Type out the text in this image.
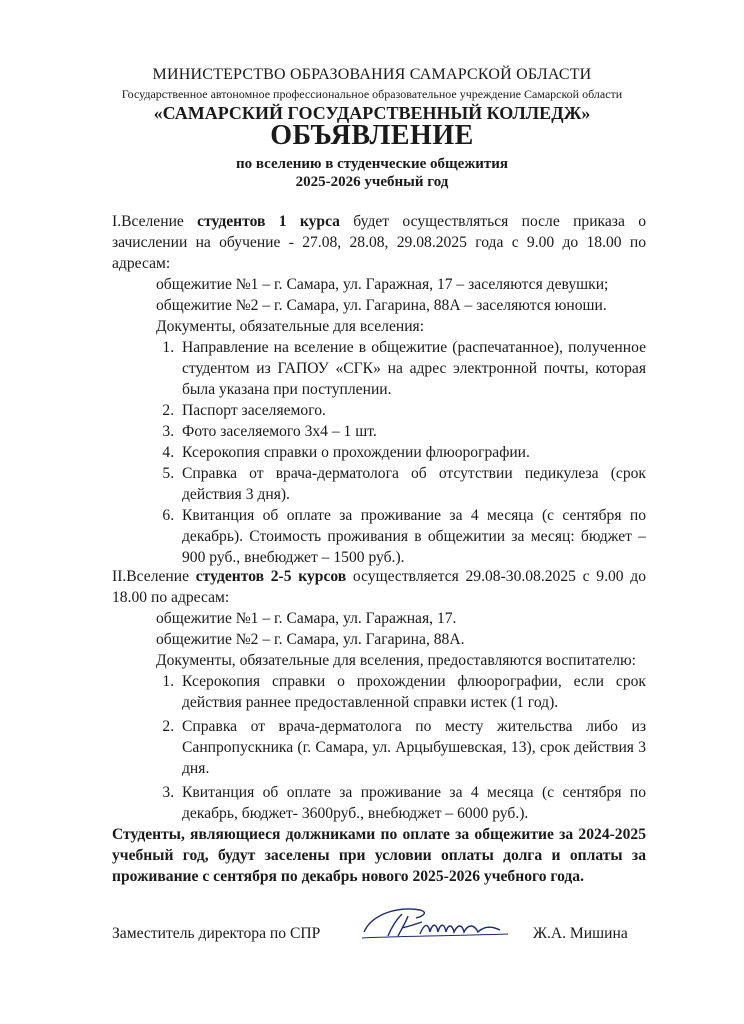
МИНИСТЕРСТВО ОБРАЗОВАНИЯ САМАРСКОЙ ОБЛАСТИ
Государственное автономное профессиональное образовательное учреждение Самарской области
«САМАРСКИЙ ГОСУДАРСТВЕННЫЙ КОЛЛЕДЖ»
ОБЪЯВЛЕНИЕ
по вселению в студенческие общежития
2025-2026 учебный год
I.Вселение студентов 1 курса будет осуществляться после приказа о зачислении на обучение - 27.08, 28.08, 29.08.2025 года с 9.00 до 18.00 по адресам:
общежитие №1 – г. Самара, ул. Гаражная, 17 – заселяются девушки;
общежитие №2 – г. Самара, ул. Гагарина, 88А – заселяются юноши.
Документы, обязательные для вселения:
1. Направление на вселение в общежитие (распечатанное), полученное студентом из ГАПОУ «СГК» на адрес электронной почты, которая была указана при поступлении.
2. Паспорт заселяемого.
3. Фото заселяемого 3х4 – 1 шт.
4. Ксерокопия справки о прохождении флюорографии.
5. Справка от врача-дерматолога об отсутствии педикулеза (срок действия 3 дня).
6. Квитанция об оплате за проживание за 4 месяца (с сентября по декабрь). Стоимость проживания в общежитии за месяц: бюджет – 900 руб., внебюджет – 1500 руб.).
II.Вселение студентов 2-5 курсов осуществляется 29.08-30.08.2025 с 9.00 до 18.00 по адресам:
общежитие №1 – г. Самара, ул. Гаражная, 17.
общежитие №2 – г. Самара, ул. Гагарина, 88А.
Документы, обязательные для вселения, предоставляются воспитателю:
1. Ксерокопия справки о прохождении флюорографии, если срок действия раннее предоставленной справки истек (1 год).
2. Справка от врача-дерматолога по месту жительства либо из Санпропускника (г. Самара, ул. Арцыбушевская, 13), срок действия 3 дня.
3. Квитанция об оплате за проживание за 4 месяца (с сентября по декабрь, бюджет- 3600руб., внебюджет – 6000 руб.).
Студенты, являющиеся должниками по оплате за общежитие за 2024-2025 учебный год, будут заселены при условии оплаты долга и оплаты за проживание с сентября по декабрь нового 2025-2026 учебного года.
Заместитель директора по СПР	Ж.А. Мишина
